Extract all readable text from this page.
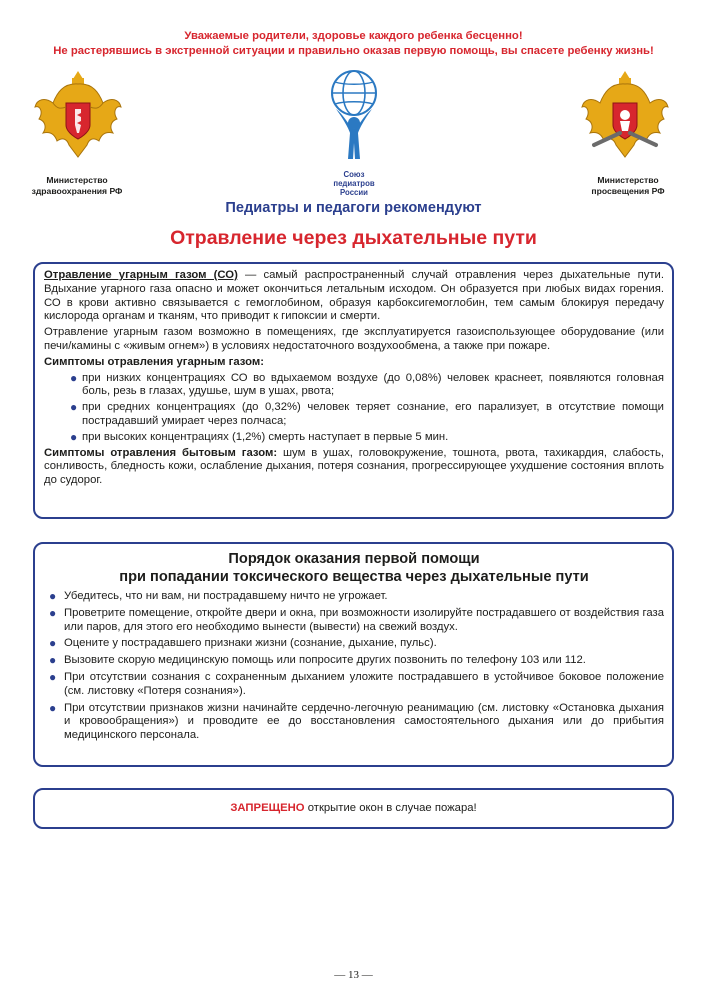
Уважаемые родители, здоровье каждого ребенка бесценно!
Не растерявшись в экстренной ситуации и правильно оказав первую помощь, вы спасете ребенку жизнь!
Министерство
здравоохранения РФ
Союз
педиатров
России
Министерство
просвещения РФ
Педиатры и педагоги рекомендуют
Отравление через дыхательные пути

Отравление угарным газом (СО) — самый распространенный случай отравления через дыхательные пути. Вдыхание угарного газа опасно и может окончиться летальным исходом. Он образуется при любых видах горения. СО в крови активно связывается с гемоглобином, образуя карбоксигемоглобин, тем самым блокируя передачу кислорода органам и тканям, что приводит к гипоксии и смерти.

Отравление угарным газом возможно в помещениях, где эксплуатируется газоиспользующее оборудование (или печи/камины с «живым огнем») в условиях недостаточного воздухообмена, а также при пожаре.

Симптомы отравления угарным газом:

● при низких концентрациях СО во вдыхаемом воздухе (до 0,08%) человек краснеет, появляются головная боль, резь в глазах, удушье, шум в ушах, рвота;
● при средних концентрациях (до 0,32%) человек теряет сознание, его парализует, в отсутствие помощи пострадавший умирает через полчаса;
● при высоких концентрациях (1,2%) смерть наступает в первые 5 мин.

Симптомы отравления бытовым газом: шум в ушах, головокружение, тошнота, рвота, тахикардия, слабость, сонливость, бледность кожи, ослабление дыхания, потеря сознания, прогрессирующее ухудшение состояния вплоть до судорог.

Порядок оказания первой помощи
при попадании токсического вещества через дыхательные пути
● Убедитесь, что ни вам, ни пострадавшему ничто не угрожает.
● Проветрите помещение, откройте двери и окна, при возможности изолируйте пострадавшего от воздействия газа или паров, для этого его необходимо вынести (вывести) на свежий воздух.
● Оцените у пострадавшего признаки жизни (сознание, дыхание, пульс).
● Вызовите скорую медицинскую помощь или попросите других позвонить по телефону 103 или 112.
● При отсутствии сознания с сохраненным дыханием уложите пострадавшего в устойчивое боковое положение (см. листовку «Потеря сознания»).
● При отсутствии признаков жизни начинайте сердечно-легочную реанимацию (см. листовку «Остановка дыхания и кровообращения») и проводите ее до восстановления самостоятельного дыхания или до прибытия медицинского персонала.
ЗАПРЕЩЕНО открытие окон в случае пожара!
— 13 —
